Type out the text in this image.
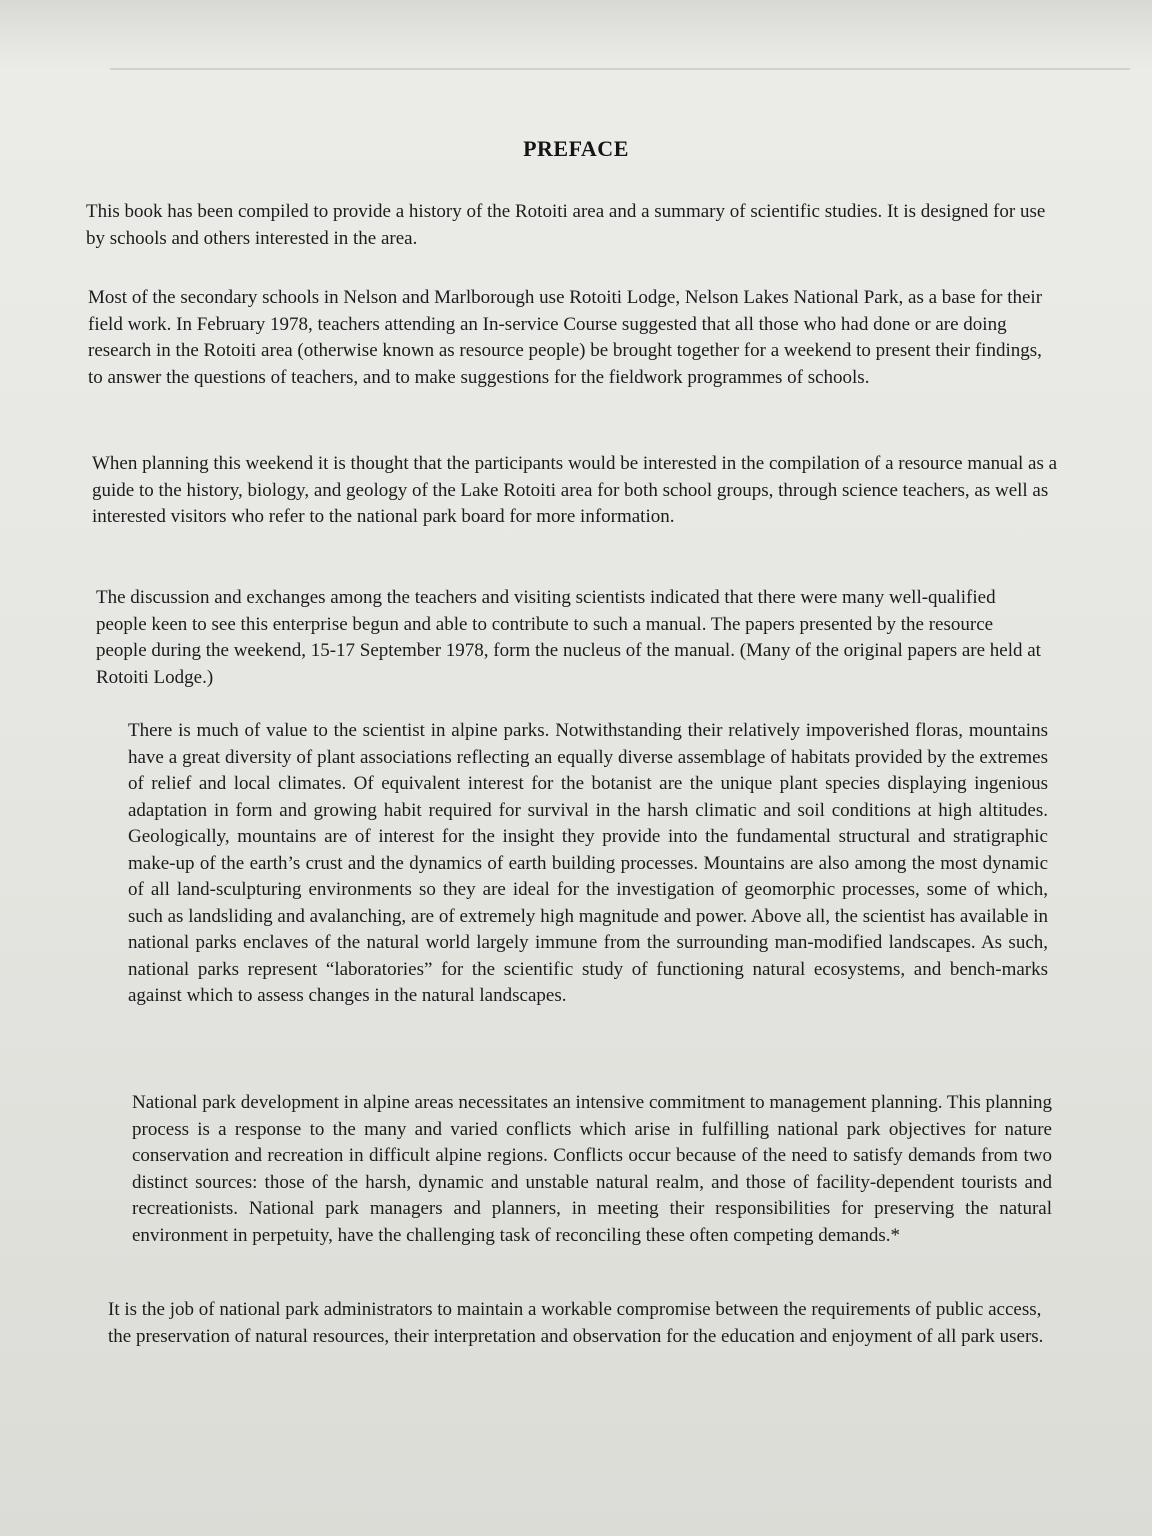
PREFACE

This book has been compiled to provide a history of the Rotoiti area and a summary of scientific studies. It is designed for use by schools and others interested in the area.

Most of the secondary schools in Nelson and Marlborough use Rotoiti Lodge, Nelson Lakes National Park, as a base for their field work. In February 1978, teachers attending an In-service Course suggested that all those who had done or are doing research in the Rotoiti area (otherwise known as resource people) be brought together for a weekend to present their findings, to answer the questions of teachers, and to make suggestions for the fieldwork programmes of schools.

When planning this weekend it is thought that the participants would be interested in the compilation of a resource manual as a guide to the history, biology, and geology of the Lake Rotoiti area for both school groups, through science teachers, as well as interested visitors who refer to the national park board for more information.

The discussion and exchanges among the teachers and visiting scientists indicated that there were many well-qualified people keen to see this enterprise begun and able to contribute to such a manual. The papers presented by the resource people during the weekend, 15-17 September 1978, form the nucleus of the manual. (Many of the original papers are held at Rotoiti Lodge.)

There is much of value to the scientist in alpine parks. Notwithstanding their relatively impoverished floras, mountains have a great diversity of plant associations reflecting an equally diverse assemblage of habitats provided by the extremes of relief and local climates. Of equivalent interest for the botanist are the unique plant species displaying ingenious adaptation in form and growing habit required for survival in the harsh climatic and soil conditions at high altitudes. Geologically, mountains are of interest for the insight they provide into the fundamental structural and stratigraphic make-up of the earth’s crust and the dynamics of earth building processes. Mountains are also among the most dynamic of all land-sculpturing environments so they are ideal for the investigation of geomorphic processes, some of which, such as landsliding and avalanching, are of extremely high magnitude and power. Above all, the scientist has available in national parks enclaves of the natural world largely immune from the surrounding man-modified landscapes. As such, national parks represent “laboratories” for the scientific study of functioning natural ecosystems, and bench-marks against which to assess changes in the natural landscapes.

National park development in alpine areas necessitates an intensive commitment to management planning. This planning process is a response to the many and varied conflicts which arise in fulfilling national park objectives for nature conservation and recreation in difficult alpine regions. Conflicts occur because of the need to satisfy demands from two distinct sources: those of the harsh, dynamic and unstable natural realm, and those of facility-dependent tourists and recreationists. National park managers and planners, in meeting their responsibilities for preserving the natural environment in perpetuity, have the challenging task of reconciling these often competing demands.*

It is the job of national park administrators to maintain a workable compromise between the requirements of public access, the preservation of natural resources, their interpretation and observation for the education and enjoyment of all park users.
